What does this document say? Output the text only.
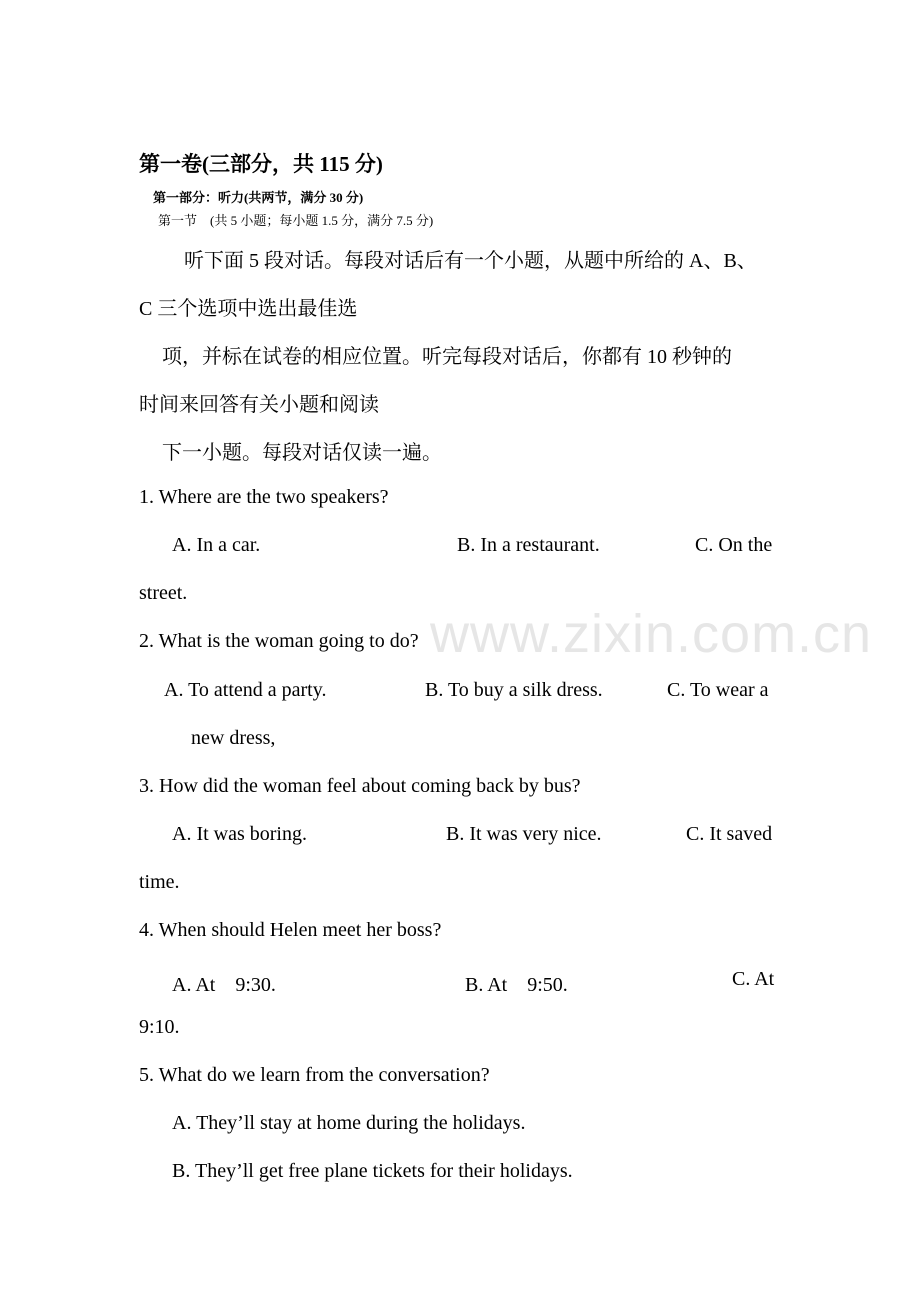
www.zixin.com.cn
第一卷(三部分，共 115 分)
第一部分：听力(共两节，满分 30 分)
第一节　(共 5 小题；每小题 1.5 分，满分 7.5 分)
听下面 5 段对话。每段对话后有一个小题，从题中所给的 A、B、
C 三个选项中选出最佳选
项，并标在试卷的相应位置。听完每段对话后，你都有 10 秒钟的
时间来回答有关小题和阅读
下一小题。每段对话仅读一遍。
1. Where are the two speakers?
A. In a car.	B. In a restaurant.	C. On the
street.
2. What is the woman going to do?
A. To attend a party.	B. To buy a silk dress.	C. To wear a
new dress,
3. How did the woman feel about coming back by bus?
A. It was boring.	B. It was very nice.	C. It saved
time.
4. When should Helen meet her boss?
A. At　9:30.	B. At　9:50.	C. At
9:10.
5. What do we learn from the conversation?
A. They’ll stay at home during the holidays.
B. They’ll get free plane tickets for their holidays.
